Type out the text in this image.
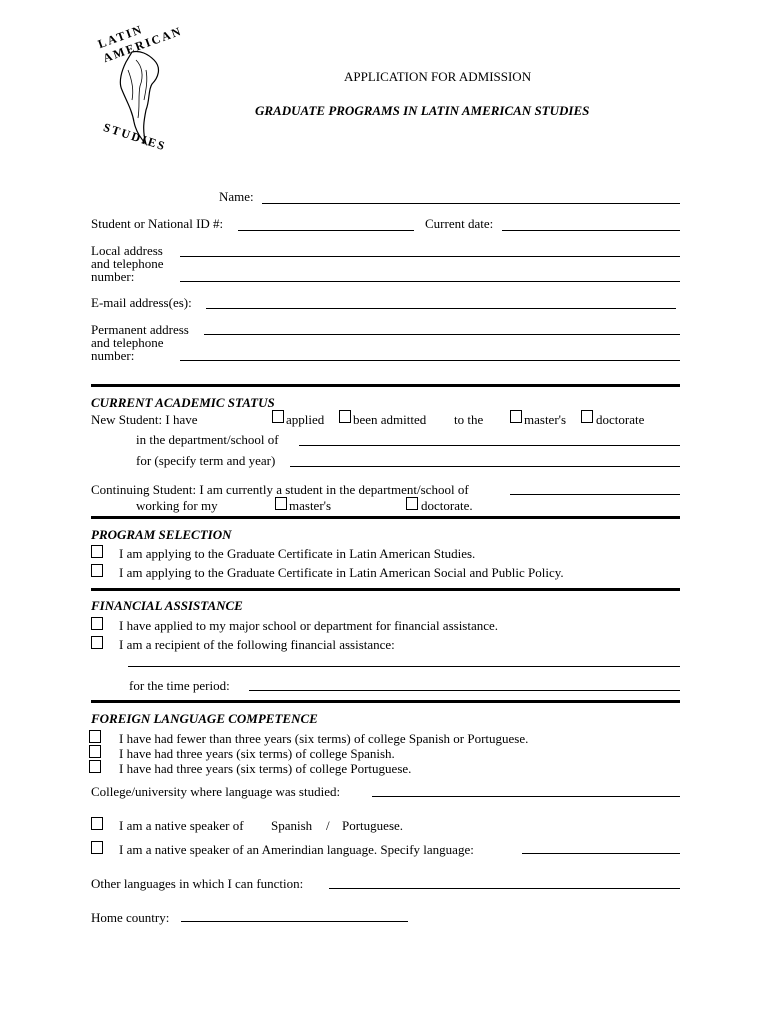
LATIN AMERICAN
STUDIES
APPLICATION FOR ADMISSION
GRADUATE PROGRAMS IN LATIN AMERICAN STUDIES
Name:
Student or National ID #:	Current date:
Local address
and telephone
number:
E-mail address(es):
Permanent address
and telephone
number:
CURRENT ACADEMIC STATUS
New Student: I have	applied been admitted to the	master's doctorate
in the department/school of
for (specify term and year)
Continuing Student: I am currently a student in the department/school of
working for my	master's	doctorate.
PROGRAM SELECTION
I am applying to the Graduate Certificate in Latin American Studies.
I am applying to the Graduate Certificate in Latin American Social and Public Policy.
FINANCIAL ASSISTANCE
I have applied to my major school or department for financial assistance.
I am a recipient of the following financial assistance:
for the time period:
FOREIGN LANGUAGE COMPETENCE
I have had fewer than three years (six terms) of college Spanish or Portuguese.
I have had three years (six terms) of college Spanish.
I have had three years (six terms) of college Portuguese.
College/university where language was studied:
I am a native speaker of Spanish / Portuguese.
I am a native speaker of an Amerindian language. Specify language:
Other languages in which I can function:
Home country:
